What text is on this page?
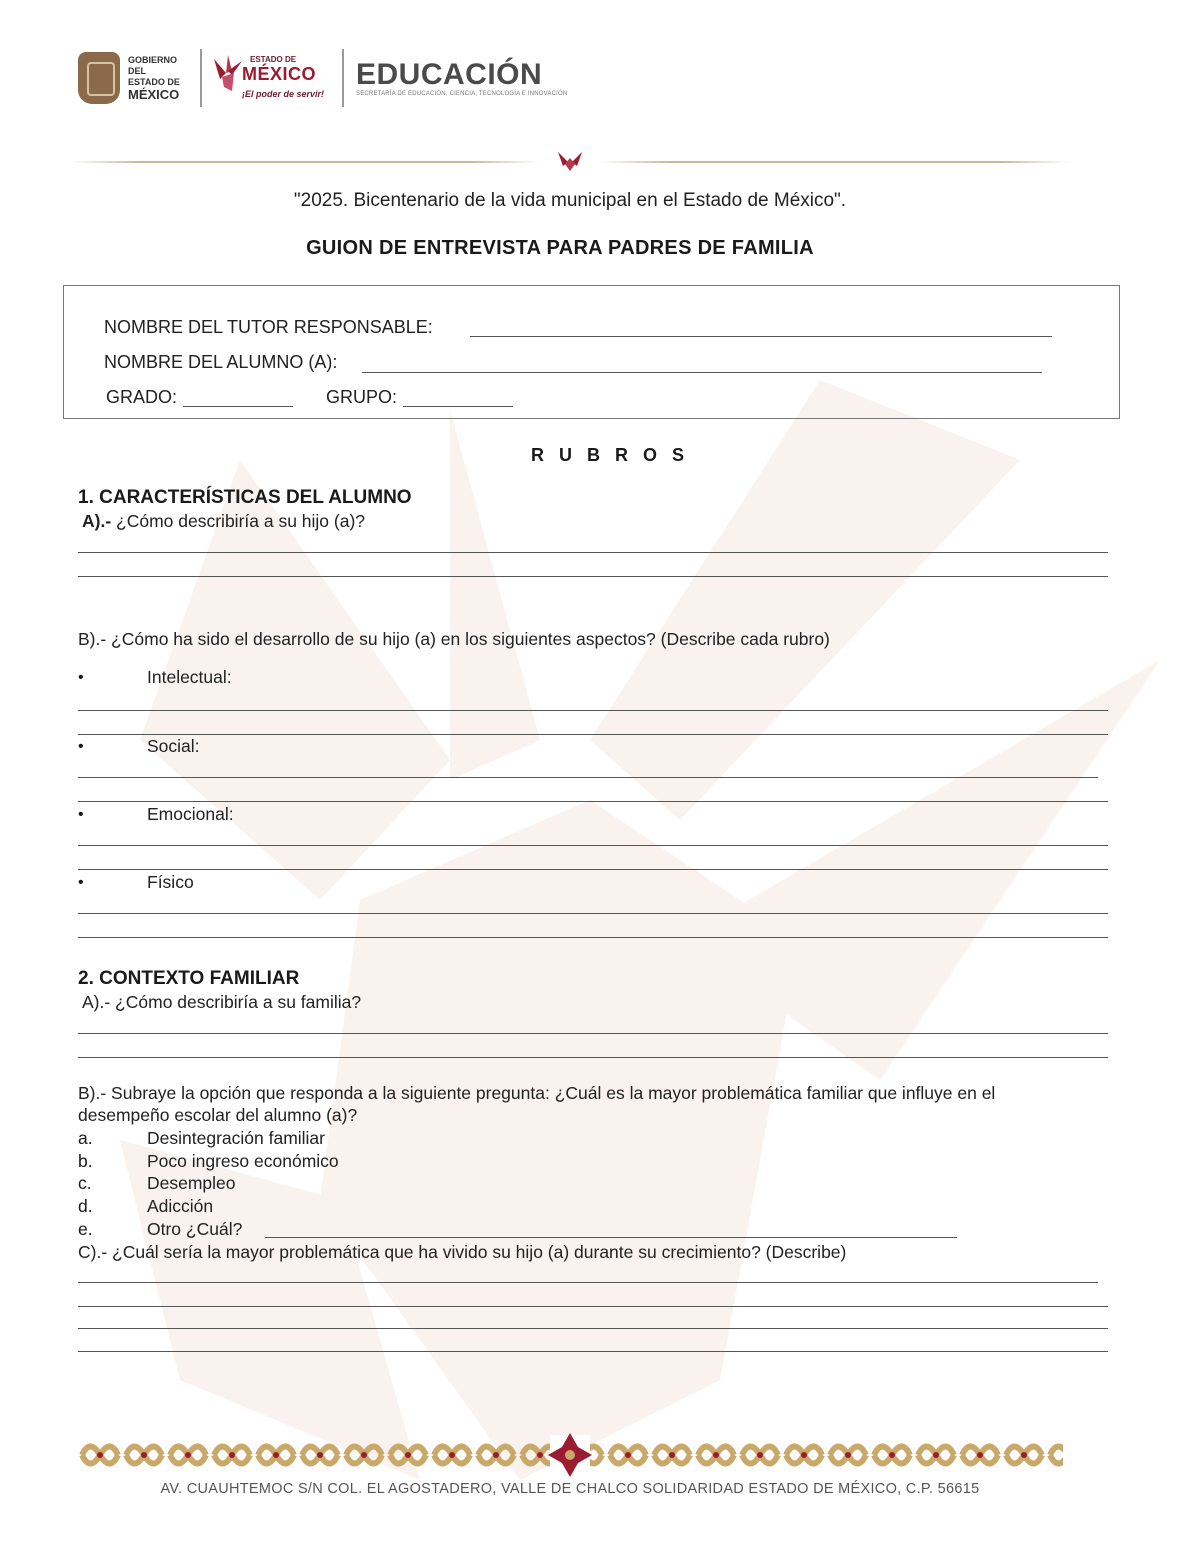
GOBIERNO DEL
ESTADO DE
MÉXICO
ESTADO DE
MÉXICO
¡El poder de servir!
EDUCACIÓN
SECRETARÍA DE EDUCACIÓN, CIENCIA, TECNOLOGÍA E INNOVACIÓN
"2025. Bicentenario de la vida municipal en el Estado de México".
GUION DE ENTREVISTA PARA PADRES DE FAMILIA
NOMBRE DEL TUTOR RESPONSABLE:
NOMBRE DEL ALUMNO (A):
GRADO:	GRUPO:
R U B R O S
1. CARACTERÍSTICAS DEL ALUMNO
A).- ¿Cómo describiría a su hijo (a)?
B).- ¿Cómo ha sido el desarrollo de su hijo (a) en los siguientes aspectos? (Describe cada rubro)
•	Intelectual:
•	Social:
•	Emocional:
•	Físico
2. CONTEXTO FAMILIAR
A).- ¿Cómo describiría a su familia?
B).- Subraye la opción que responda a la siguiente pregunta: ¿Cuál es la mayor problemática familiar que influye en el
desempeño escolar del alumno (a)?
a.	Desintegración familiar
b.	Poco ingreso económico
c.	Desempleo
d.	Adicción
e.	Otro ¿Cuál?
C).- ¿Cuál sería la mayor problemática que ha vivido su hijo (a) durante su crecimiento? (Describe)
AV. CUAUHTEMOC S/N COL. EL AGOSTADERO, VALLE DE CHALCO SOLIDARIDAD ESTADO DE MÉXICO, C.P. 56615
